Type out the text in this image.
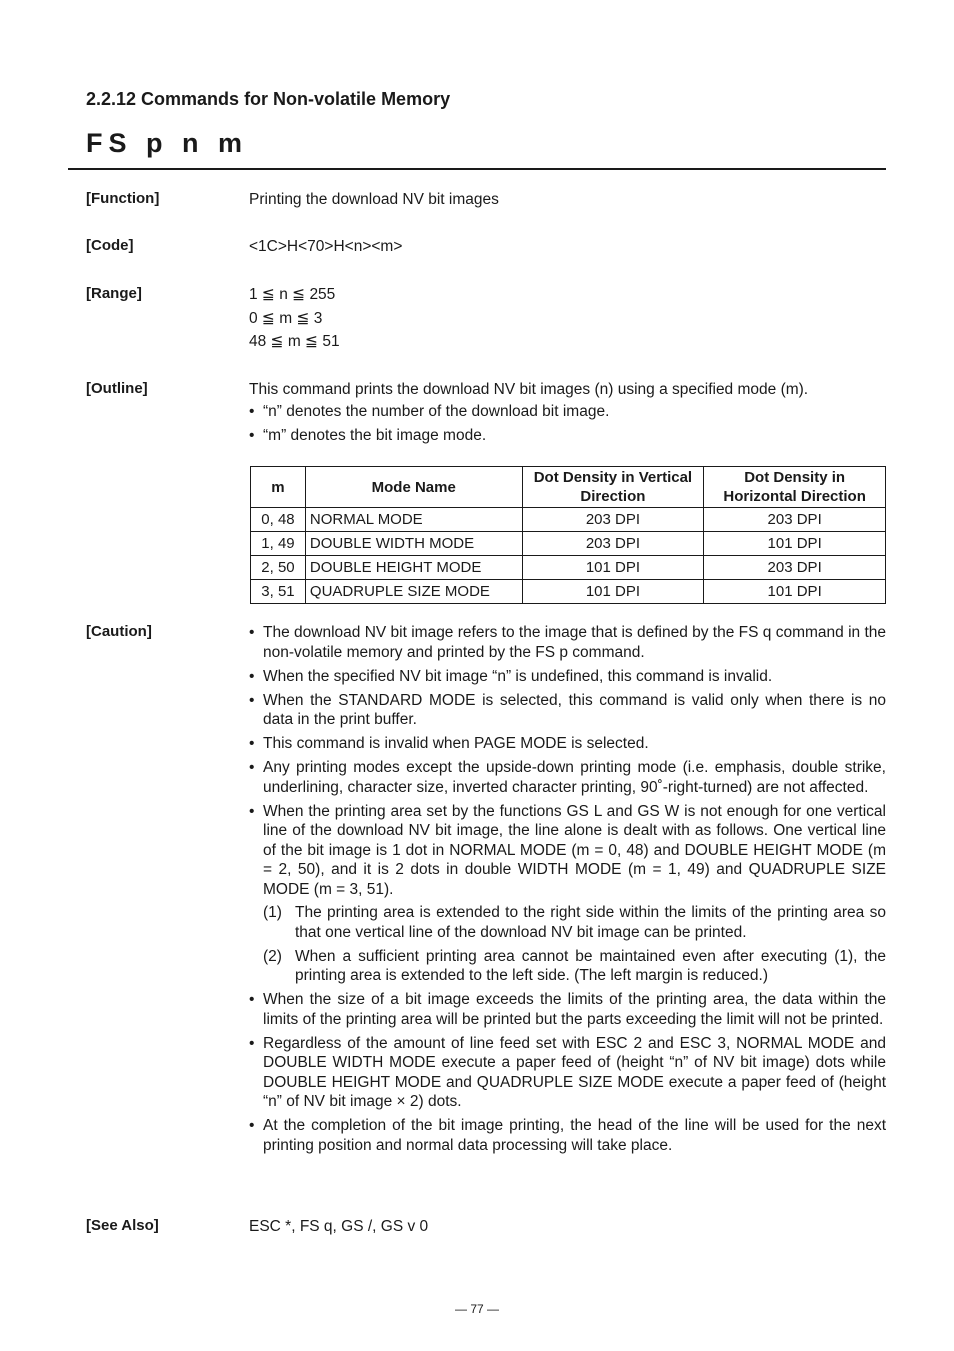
2.2.12 Commands for Non-volatile Memory
FS p n m
[Function]	Printing the download NV bit images
[Code]	<1C>H<70>H<n><m>
[Range]	1 ≦ n ≦ 255
0 ≦ m ≦ 3
48 ≦ m ≦ 51
[Outline]	This command prints the download NV bit images (n) using a specified mode (m).
• “n” denotes the number of the download bit image.
• “m” denotes the bit image mode.
m	Mode Name	Dot Density in Vertical Direction	Dot Density in Horizontal Direction
0, 48	NORMAL MODE	203 DPI	203 DPI
1, 49	DOUBLE WIDTH MODE	203 DPI	101 DPI
2, 50	DOUBLE HEIGHT MODE	101 DPI	203 DPI
3, 51	QUADRUPLE SIZE MODE	101 DPI	101 DPI
[Caution]	• The download NV bit image refers to the image that is defined by the FS q command in the non-volatile memory and printed by the FS p command.
• When the specified NV bit image “n” is undefined, this command is invalid.
• When the STANDARD MODE is selected, this command is valid only when there is no data in the print buffer.
• This command is invalid when PAGE MODE is selected.
• Any printing modes except the upside-down printing mode (i.e. emphasis, double strike, underlining, character size, inverted character printing, 90˚-right-turned) are not affected.
• When the printing area set by the functions GS L and GS W is not enough for one vertical line of the download NV bit image, the line alone is dealt with as follows. One vertical line of the bit image is 1 dot in NORMAL MODE (m = 0, 48) and DOUBLE HEIGHT MODE (m = 2, 50), and it is 2 dots in double WIDTH MODE (m = 1, 49) and QUADRUPLE SIZE MODE (m = 3, 51).
(1) The printing area is extended to the right side within the limits of the printing area so that one vertical line of the download NV bit image can be printed.
(2) When a sufficient printing area cannot be maintained even after executing (1), the printing area is extended to the left side. (The left margin is reduced.)
• When the size of a bit image exceeds the limits of the printing area, the data within the limits of the printing area will be printed but the parts exceeding the limit will not be printed.
• Regardless of the amount of line feed set with ESC 2 and ESC 3, NORMAL MODE and DOUBLE WIDTH MODE execute a paper feed of (height “n” of NV bit image) dots while DOUBLE HEIGHT MODE and QUADRUPLE SIZE MODE execute a paper feed of (height “n” of NV bit image × 2) dots.
• At the completion of the bit image printing, the head of the line will be used for the next printing position and normal data processing will take place.
[See Also]	ESC *, FS q, GS /, GS v 0
— 77 —
